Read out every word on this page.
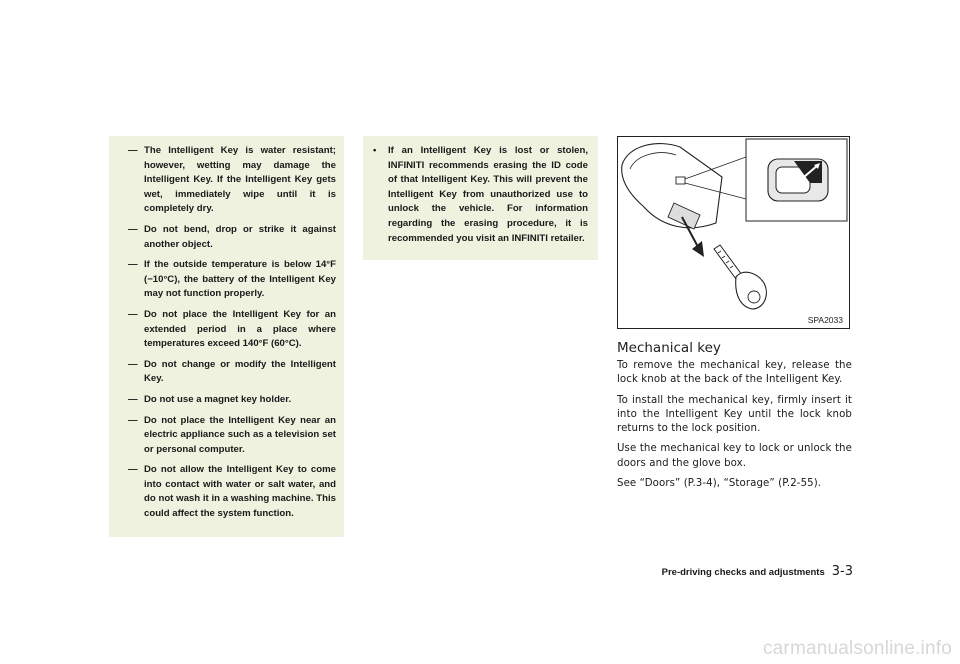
— The Intelligent Key is water resistant; however, wetting may damage the Intelligent Key. If the Intelligent Key gets wet, immediately wipe until it is completely dry.
— Do not bend, drop or strike it against another object.
— If the outside temperature is below 14°F (−10°C), the battery of the Intelligent Key may not function properly.
— Do not place the Intelligent Key for an extended period in a place where temperatures exceed 140°F (60°C).
— Do not change or modify the Intelligent Key.
— Do not use a magnet key holder.
— Do not place the Intelligent Key near an electric appliance such as a television set or personal computer.
— Do not allow the Intelligent Key to come into contact with water or salt water, and do not wash it in a washing machine. This could affect the system function.
• If an Intelligent Key is lost or stolen, INFINITI recommends erasing the ID code of that Intelligent Key. This will prevent the Intelligent Key from unauthorized use to unlock the vehicle. For information regarding the erasing procedure, it is recommended you visit an INFINITI retailer.
SPA2033
Mechanical key

To remove the mechanical key, release the lock knob at the back of the Intelligent Key.

To install the mechanical key, firmly insert it into the Intelligent Key until the lock knob returns to the lock position.

Use the mechanical key to lock or unlock the doors and the glove box.

See “Doors” (P.3-4), “Storage” (P.2-55).

Pre-driving checks and adjustments 3-3
carmanualsonline.info
